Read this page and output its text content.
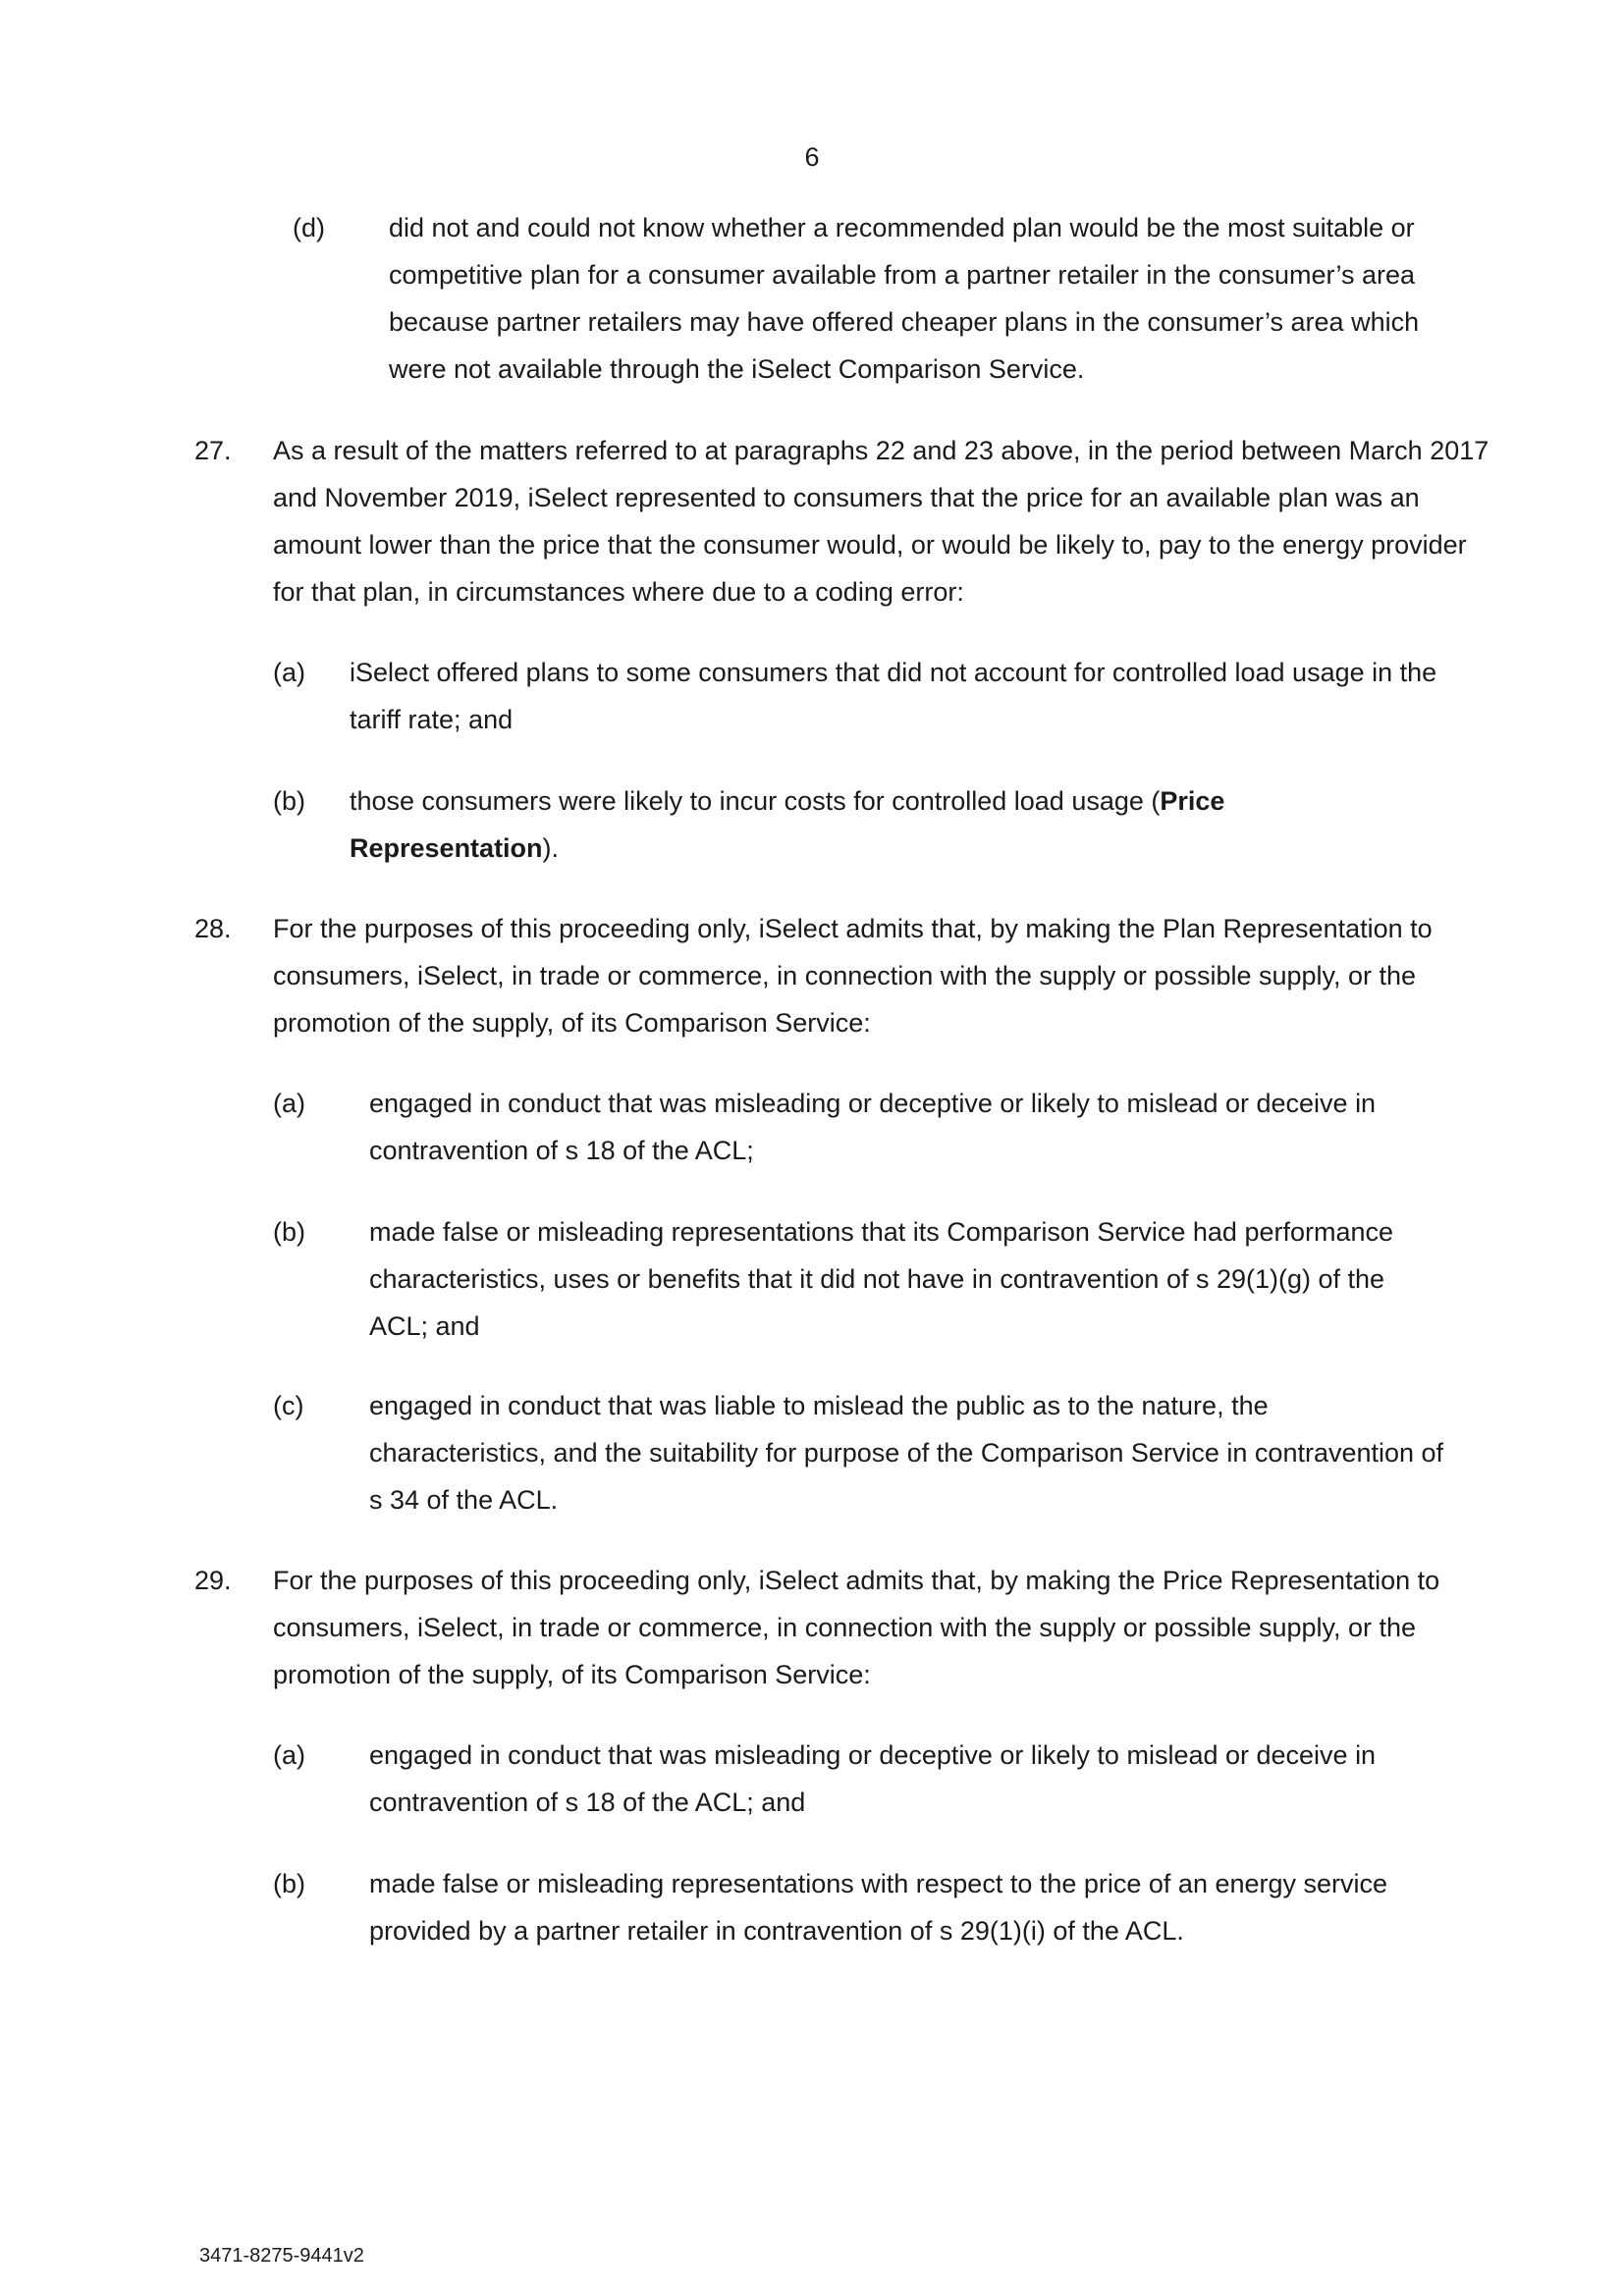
6
(d) did not and could not know whether a recommended plan would be the most suitable or competitive plan for a consumer available from a partner retailer in the consumer’s area because partner retailers may have offered cheaper plans in the consumer’s area which were not available through the iSelect Comparison Service.

27. As a result of the matters referred to at paragraphs 22 and 23 above, in the period between March 2017 and November 2019, iSelect represented to consumers that the price for an available plan was an amount lower than the price that the consumer would, or would be likely to, pay to the energy provider for that plan, in circumstances where due to a coding error:

(a) iSelect offered plans to some consumers that did not account for controlled load usage in the tariff rate; and

(b) those consumers were likely to incur costs for controlled load usage (Price Representation).

28. For the purposes of this proceeding only, iSelect admits that, by making the Plan Representation to consumers, iSelect, in trade or commerce, in connection with the supply or possible supply, or the promotion of the supply, of its Comparison Service:

(a) engaged in conduct that was misleading or deceptive or likely to mislead or deceive in contravention of s 18 of the ACL;

(b) made false or misleading representations that its Comparison Service had performance characteristics, uses or benefits that it did not have in contravention of s 29(1)(g) of the ACL; and

(c) engaged in conduct that was liable to mislead the public as to the nature, the characteristics, and the suitability for purpose of the Comparison Service in contravention of s 34 of the ACL.

29. For the purposes of this proceeding only, iSelect admits that, by making the Price Representation to consumers, iSelect, in trade or commerce, in connection with the supply or possible supply, or the promotion of the supply, of its Comparison Service:

(a) engaged in conduct that was misleading or deceptive or likely to mislead or deceive in contravention of s 18 of the ACL; and

(b) made false or misleading representations with respect to the price of an energy service provided by a partner retailer in contravention of s 29(1)(i) of the ACL.

3471-8275-9441v2
